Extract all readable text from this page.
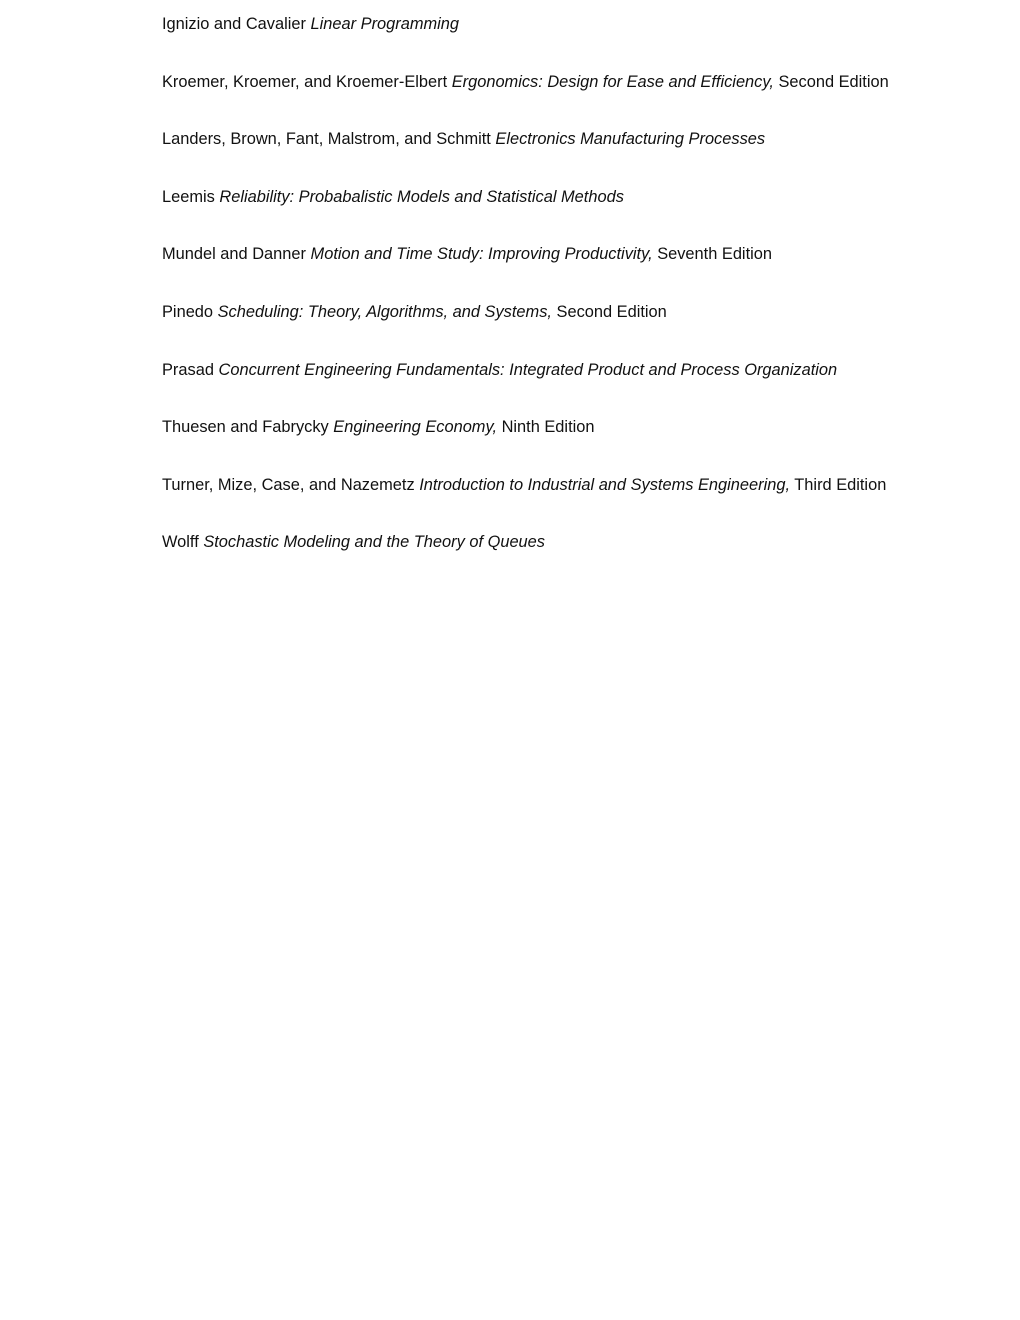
Ignizio and Cavalier Linear Programming
Kroemer, Kroemer, and Kroemer-Elbert Ergonomics: Design for Ease and Efficiency, Second Edition
Landers, Brown, Fant, Malstrom, and Schmitt Electronics Manufacturing Processes
Leemis Reliability: Probabalistic Models and Statistical Methods
Mundel and Danner Motion and Time Study: Improving Productivity, Seventh Edition
Pinedo Scheduling: Theory, Algorithms, and Systems, Second Edition
Prasad Concurrent Engineering Fundamentals: Integrated Product and Process Organization
Thuesen and Fabrycky Engineering Economy, Ninth Edition
Turner, Mize, Case, and Nazemetz Introduction to Industrial and Systems Engineering, Third Edition
Wolff Stochastic Modeling and the Theory of Queues
